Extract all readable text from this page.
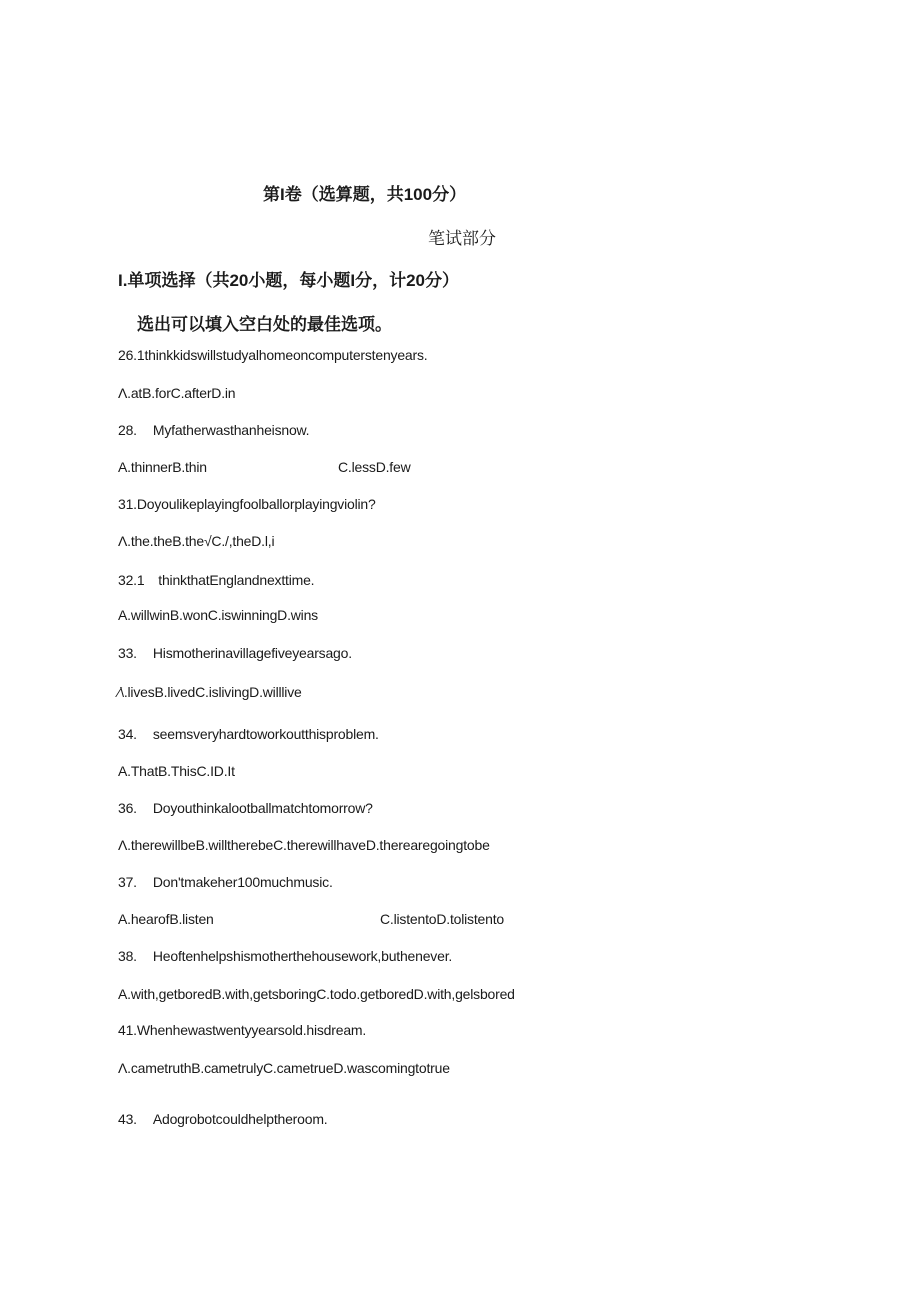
第I卷（选算题，共100分）
笔试部分
I.单项选择（共20小题，每小题I分，计20分）
选出可以填入空白处的最佳选项。
26.1thinkkidswillstudyalhomeoncomputerstenyears.
Λ.atB.forC.afterD.in
28. Myfatherwasthanheisnow.
A.thinnerB.thin	C.lessD.few
31.Doyoulikeplayingfoolballorplayingviolin?
Λ.the.theB.the√C./,theD.l,i
32.1　thinkthatEnglandnexttime.
A.willwinB.wonC.iswinningD.wins
33. Hismotherinavillagefiveyearsago.
∕\.livesB.livedC.islivingD.willlive
34. seemsveryhardtoworkoutthisproblem.
A.ThatB.ThisC.ID.It
36. Doyouthinkalootballmatchtomorrow?
Λ.therewillbeB.willtherebeC.therewillhaveD.therearegoingtobe
37. Don'tmakeher100muchmusic.
A.hearofB.listen	C.listentoD.tolistento
38. Heoftenhelpshismotherthehousework,buthenever.
A.with,getboredB.with,getsboringC.todo.getboredD.with,gelsbored
41.Whenhewastwentyyearsold.hisdream.
Λ.cametruthB.cametrulyC.cametrueD.wascomingtotrue
43. Adogrobotcouldhelptheroom.
